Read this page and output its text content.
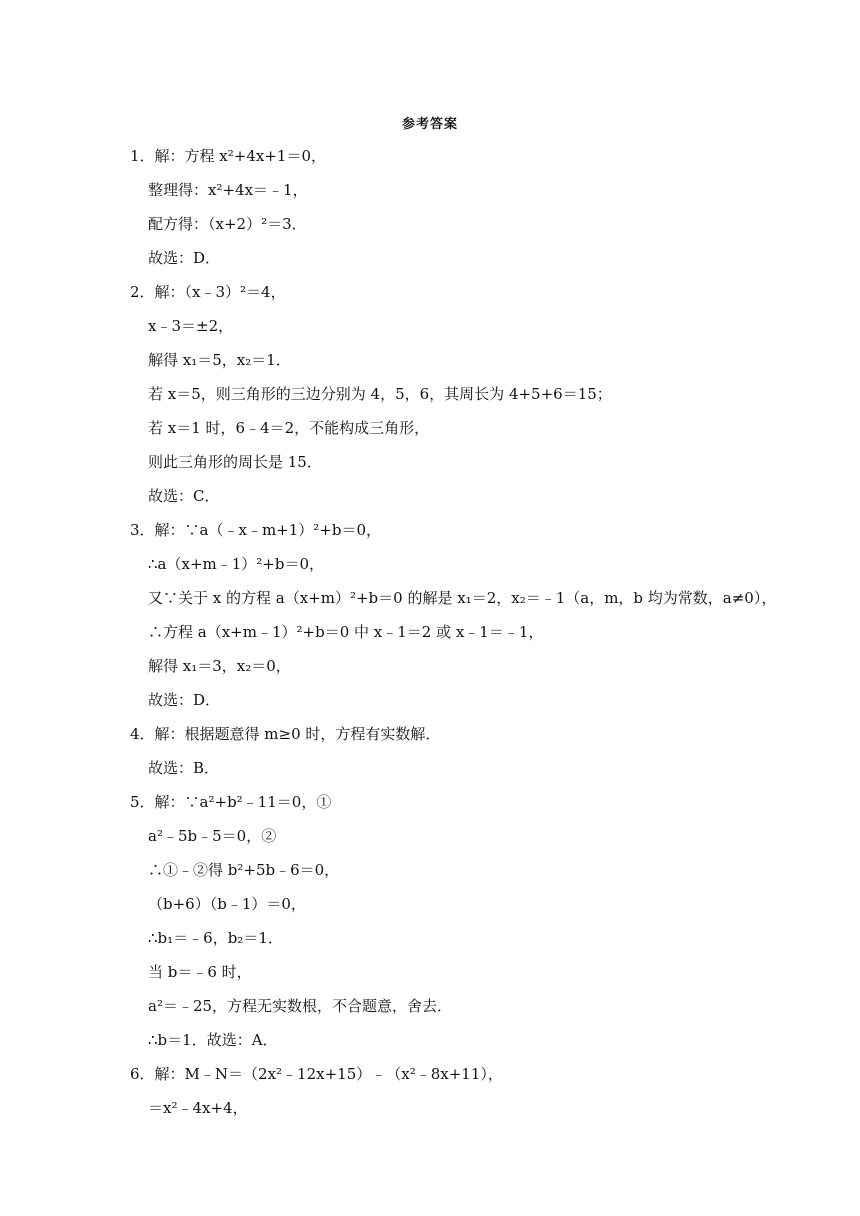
参考答案
1．解：方程 x²+4x+1＝0，
整理得：x²+4x＝﹣1，
配方得：（x+2）²＝3．
故选：D．
2．解：（x﹣3）²＝4，
x﹣3＝±2，
解得 x₁＝5，x₂＝1．
若 x＝5，则三角形的三边分别为 4，5，6，其周长为 4+5+6＝15；
若 x＝1 时，6﹣4＝2，不能构成三角形，
则此三角形的周长是 15．
故选：C．
3．解：∵a（﹣x﹣m+1）²+b＝0，
∴a（x+m﹣1）²+b＝0，
又∵关于 x 的方程 a（x+m）²+b＝0 的解是 x₁＝2，x₂＝﹣1（a，m，b 均为常数，a≠0），
∴方程 a（x+m﹣1）²+b＝0 中 x﹣1＝2 或 x﹣1＝﹣1，
解得 x₁＝3，x₂＝0，
故选：D．
4．解：根据题意得 m≥0 时，方程有实数解．
故选：B．
5．解：∵a²+b²﹣11＝0，①
a²﹣5b﹣5＝0，②
∴①﹣②得 b²+5b﹣6＝0，
（b+6）（b﹣1）＝0，
∴b₁＝﹣6，b₂＝1．
当 b＝﹣6 时，
a²＝﹣25，方程无实数根，不合题意，舍去．
∴b＝1．故选：A．
6．解：M﹣N＝（2x²﹣12x+15）﹣（x²﹣8x+11），
＝x²﹣4x+4，
